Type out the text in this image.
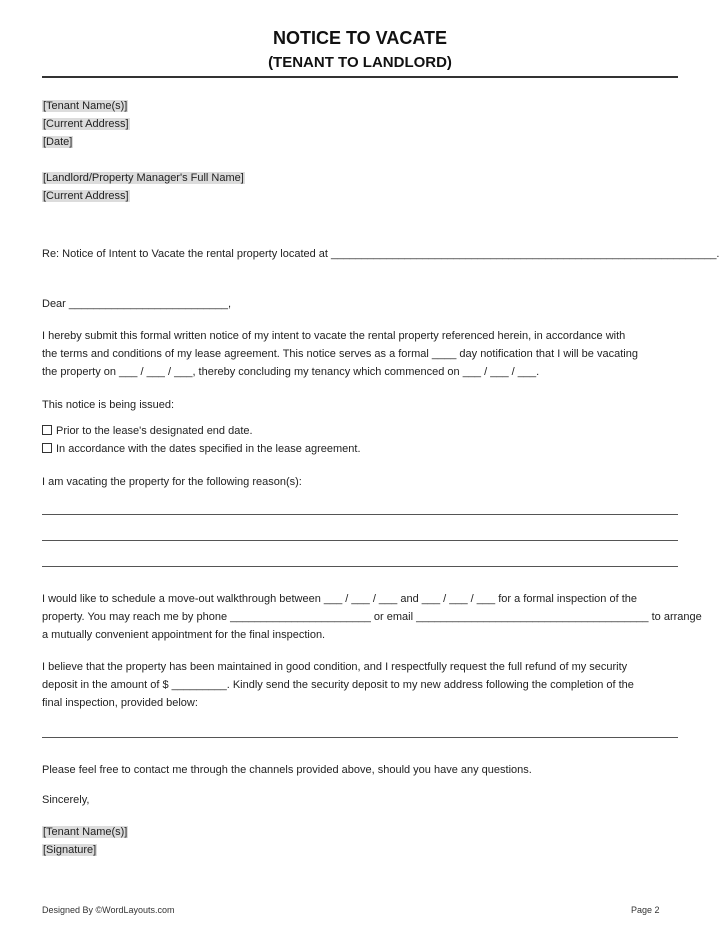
NOTICE TO VACATE
(TENANT TO LANDLORD)
[Tenant Name(s)]
[Current Address]
[Date]
[Landlord/Property Manager's Full Name]
[Current Address]
Re: Notice of Intent to Vacate the rental property located at _______________________________________________________________.
Dear __________________________,
I hereby submit this formal written notice of my intent to vacate the rental property referenced herein, in accordance with
the terms and conditions of my lease agreement. This notice serves as a formal ____ day notification that I will be vacating
the property on ___ / ___ / ___, thereby concluding my tenancy which commenced on ___ / ___ / ___.
This notice is being issued:
Prior to the lease's designated end date.
In accordance with the dates specified in the lease agreement.
I am vacating the property for the following reason(s):
I would like to schedule a move-out walkthrough between ___ / ___ / ___ and ___ / ___ / ___ for a formal inspection of the
property. You may reach me by phone _______________________ or email ______________________________________ to arrange
a mutually convenient appointment for the final inspection.
I believe that the property has been maintained in good condition, and I respectfully request the full refund of my security
deposit in the amount of $ _________. Kindly send the security deposit to my new address following the completion of the
final inspection, provided below:
Please feel free to contact me through the channels provided above, should you have any questions.
Sincerely,
[Tenant Name(s)]
[Signature]
Designed By ©WordLayouts.com	Page 2
